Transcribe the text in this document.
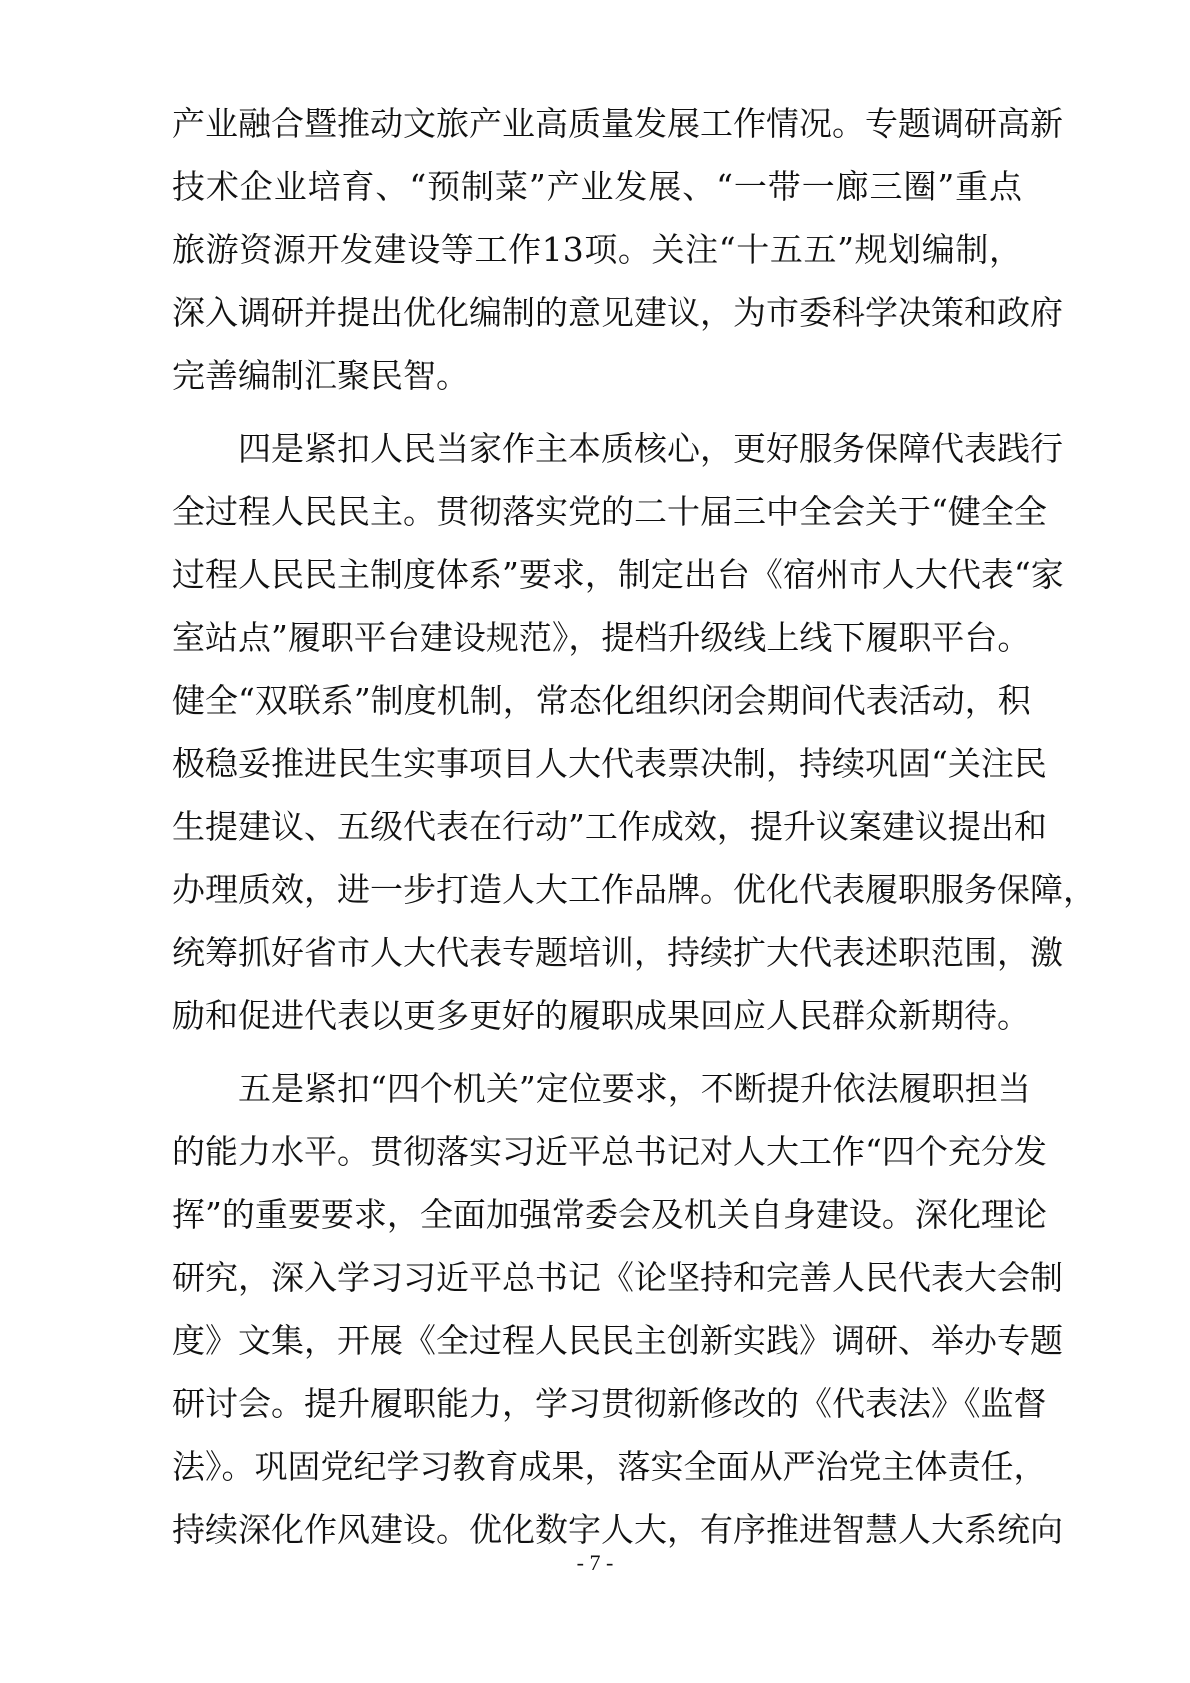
产业融合暨推动文旅产业高质量发展工作情况。专题调研高新
技术企业培育、“预制菜”产业发展、“一带一廊三圈”重点
旅游资源开发建设等工作13项。关注“十五五”规划编制，
深入调研并提出优化编制的意见建议，为市委科学决策和政府
完善编制汇聚民智。
四是紧扣人民当家作主本质核心，更好服务保障代表践行
全过程人民民主。贯彻落实党的二十届三中全会关于“健全全
过程人民民主制度体系”要求，制定出台《宿州市人大代表“家
室站点”履职平台建设规范》，提档升级线上线下履职平台。
健全“双联系”制度机制，常态化组织闭会期间代表活动，积
极稳妥推进民生实事项目人大代表票决制，持续巩固“关注民
生提建议、五级代表在行动”工作成效，提升议案建议提出和
办理质效，进一步打造人大工作品牌。优化代表履职服务保障，
统筹抓好省市人大代表专题培训，持续扩大代表述职范围，激
励和促进代表以更多更好的履职成果回应人民群众新期待。
五是紧扣“四个机关”定位要求，不断提升依法履职担当
的能力水平。贯彻落实习近平总书记对人大工作“四个充分发
挥”的重要要求，全面加强常委会及机关自身建设。深化理论
研究，深入学习习近平总书记《论坚持和完善人民代表大会制
度》文集，开展《全过程人民民主创新实践》调研、举办专题
研讨会。提升履职能力，学习贯彻新修改的《代表法》《监督
法》。巩固党纪学习教育成果，落实全面从严治党主体责任，
持续深化作风建设。优化数字人大，有序推进智慧人大系统向
- 7 -
